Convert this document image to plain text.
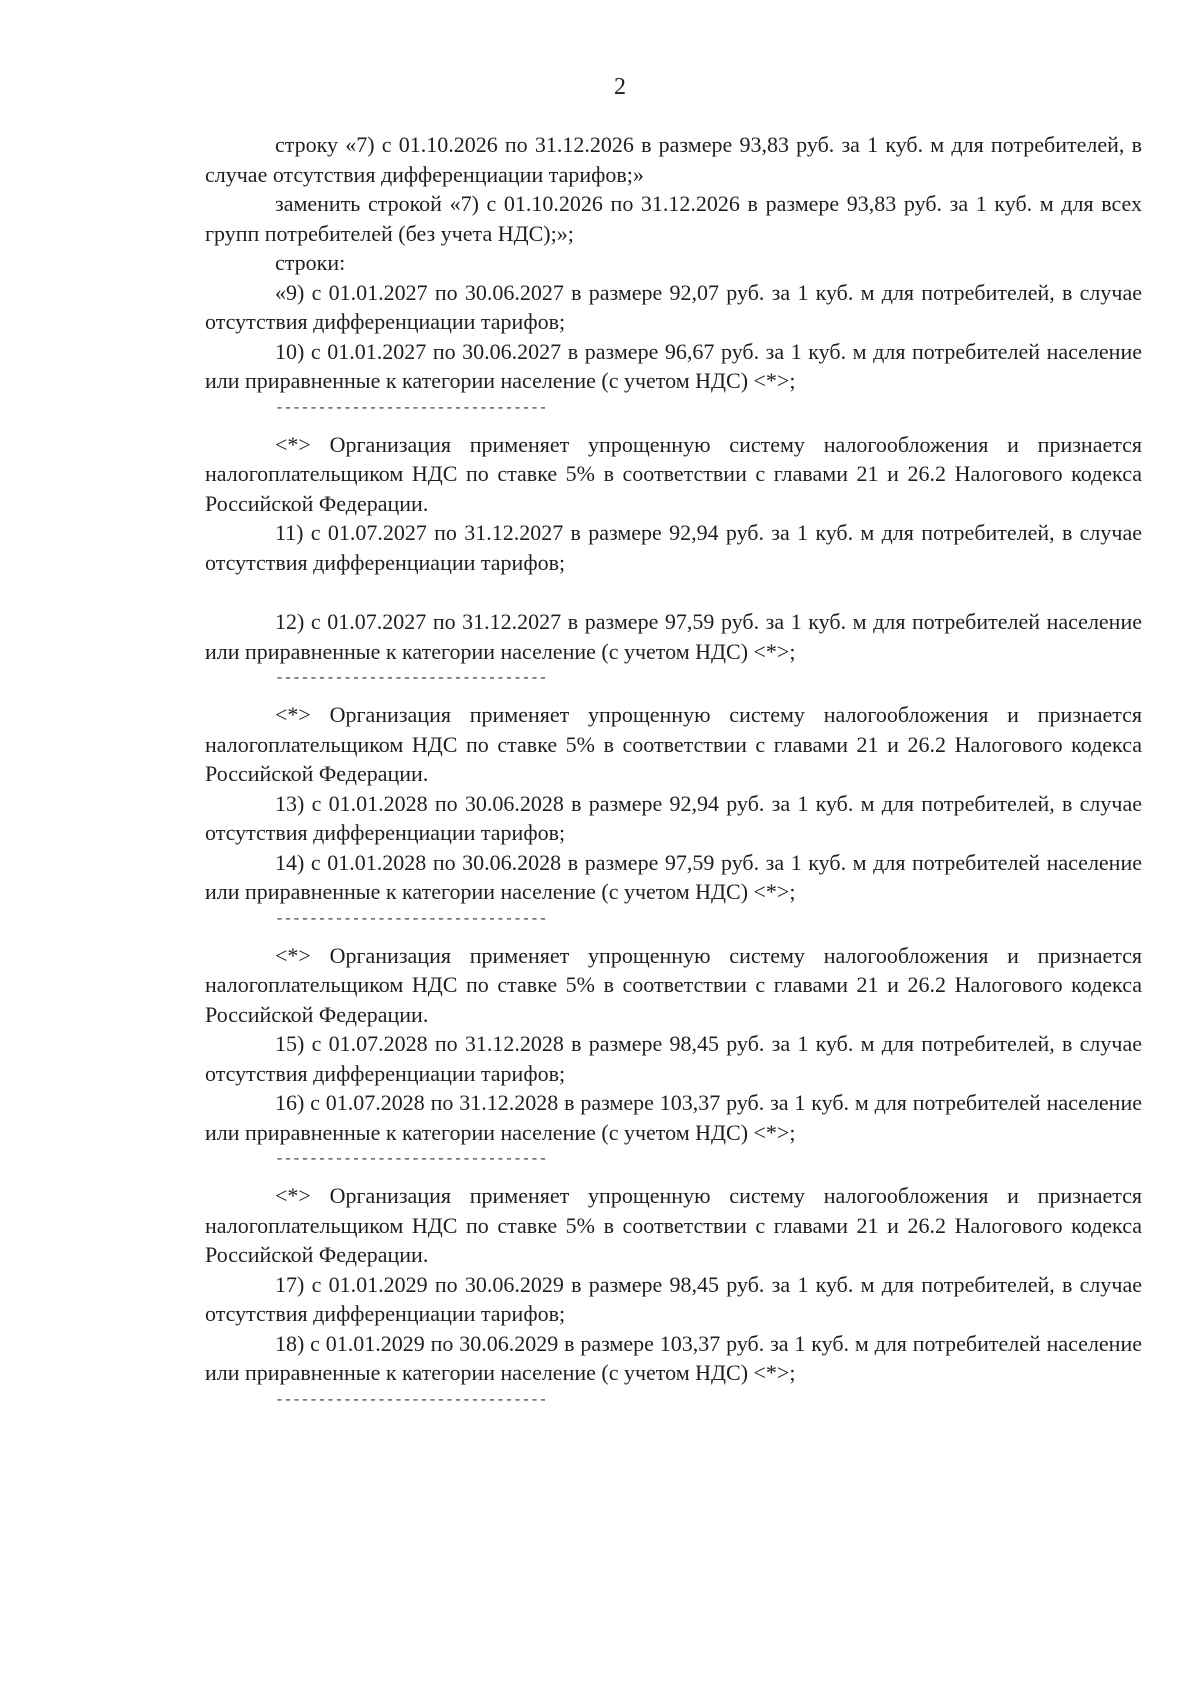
2

строку «7) с 01.10.2026 по 31.12.2026 в размере 93,83 руб. за 1 куб. м для потребителей, в случае отсутствия дифференциации тарифов;»

заменить строкой «7) с 01.10.2026 по 31.12.2026 в размере 93,83 руб. за 1 куб. м для всех групп потребителей (без учета НДС);»;

строки:

«9) с 01.01.2027 по 30.06.2027 в размере 92,07 руб. за 1 куб. м для потребителей, в случае отсутствия дифференциации тарифов;

10) с 01.01.2027 по 30.06.2027 в размере 96,67 руб. за 1 куб. м для потребителей население или приравненные к категории население (с учетом НДС) <*>;

--------------------------------

<*> Организация применяет упрощенную систему налогообложения и признается налогоплательщиком НДС по ставке 5% в соответствии с главами 21 и 26.2 Налогового кодекса Российской Федерации.

11) с 01.07.2027 по 31.12.2027 в размере 92,94 руб. за 1 куб. м для потребителей, в случае отсутствия дифференциации тарифов;

12) с 01.07.2027 по 31.12.2027 в размере 97,59 руб. за 1 куб. м для потребителей население или приравненные к категории население (с учетом НДС) <*>;

--------------------------------

<*> Организация применяет упрощенную систему налогообложения и признается налогоплательщиком НДС по ставке 5% в соответствии с главами 21 и 26.2 Налогового кодекса Российской Федерации.

13) с 01.01.2028 по 30.06.2028 в размере 92,94 руб. за 1 куб. м для потребителей, в случае отсутствия дифференциации тарифов;

14) с 01.01.2028 по 30.06.2028 в размере 97,59 руб. за 1 куб. м для потребителей население или приравненные к категории население (с учетом НДС) <*>;

--------------------------------

<*> Организация применяет упрощенную систему налогообложения и признается налогоплательщиком НДС по ставке 5% в соответствии с главами 21 и 26.2 Налогового кодекса Российской Федерации.

15) с 01.07.2028 по 31.12.2028 в размере 98,45 руб. за 1 куб. м для потребителей, в случае отсутствия дифференциации тарифов;

16) с 01.07.2028 по 31.12.2028 в размере 103,37 руб. за 1 куб. м для потребителей население или приравненные к категории население (с учетом НДС) <*>;

--------------------------------

<*> Организация применяет упрощенную систему налогообложения и признается налогоплательщиком НДС по ставке 5% в соответствии с главами 21 и 26.2 Налогового кодекса Российской Федерации.

17) с 01.01.2029 по 30.06.2029 в размере 98,45 руб. за 1 куб. м для потребителей, в случае отсутствия дифференциации тарифов;

18) с 01.01.2029 по 30.06.2029 в размере 103,37 руб. за 1 куб. м для потребителей население или приравненные к категории население (с учетом НДС) <*>;

--------------------------------
